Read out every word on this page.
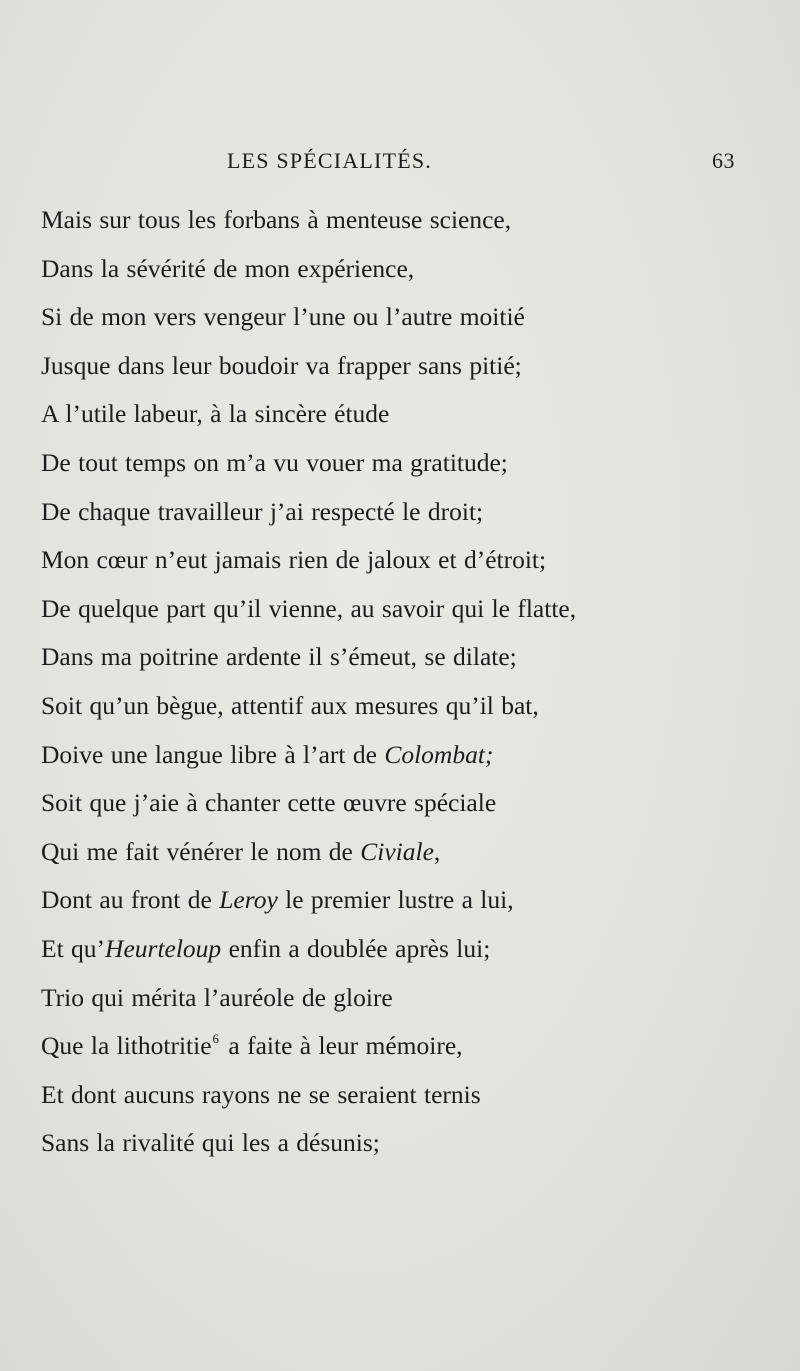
LES SPÉCIALITÉS.	63
Mais sur tous les forbans à menteuse science,
Dans la sévérité de mon expérience,
Si de mon vers vengeur l’une ou l’autre moitié
Jusque dans leur boudoir va frapper sans pitié;
A l’utile labeur, à la sincère étude
De tout temps on m’a vu vouer ma gratitude;
De chaque travailleur j’ai respecté le droit;
Mon cœur n’eut jamais rien de jaloux et d’étroit;
De quelque part qu’il vienne, au savoir qui le flatte,
Dans ma poitrine ardente il s’émeut, se dilate;
Soit qu’un bègue, attentif aux mesures qu’il bat,
Doive une langue libre à l’art de Colombat;
Soit que j’aie à chanter cette œuvre spéciale
Qui me fait vénérer le nom de Civiale,
Dont au front de Leroy le premier lustre a lui,
Et qu’Heurteloup enfin a doublée après lui;
Trio qui mérita l’auréole de gloire
Que la lithotritie$^6$ a faite à leur mémoire,
Et dont aucuns rayons ne se seraient ternis
Sans la rivalité qui les a désunis;
